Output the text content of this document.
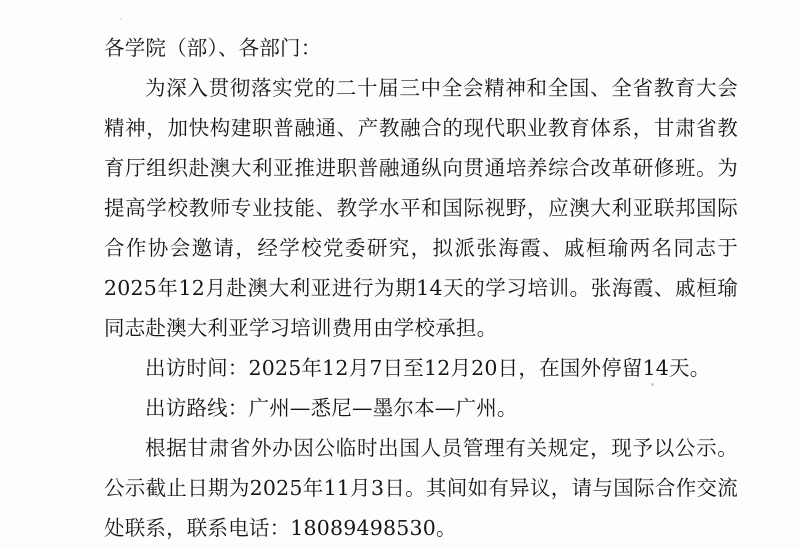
各学院（部）、各部门：

为深入贯彻落实党的二十届三中全会精神和全国、全省教育大会精神，加快构建职普融通、产教融合的现代职业教育体系，甘肃省教育厅组织赴澳大利亚推进职普融通纵向贯通培养综合改革研修班。为提高学校教师专业技能、教学水平和国际视野，应澳大利亚联邦国际合作协会邀请，经学校党委研究，拟派张海霞、戚桓瑜两名同志于2025年12月赴澳大利亚进行为期14天的学习培训。张海霞、戚桓瑜同志赴澳大利亚学习培训费用由学校承担。

出访时间：2025年12月7日至12月20日，在国外停留14天。

出访路线：广州—悉尼—墨尔本—广州。

根据甘肃省外办因公临时出国人员管理有关规定，现予以公示。公示截止日期为2025年11月3日。其间如有异议，请与国际合作交流处联系，联系电话：18089498530。
